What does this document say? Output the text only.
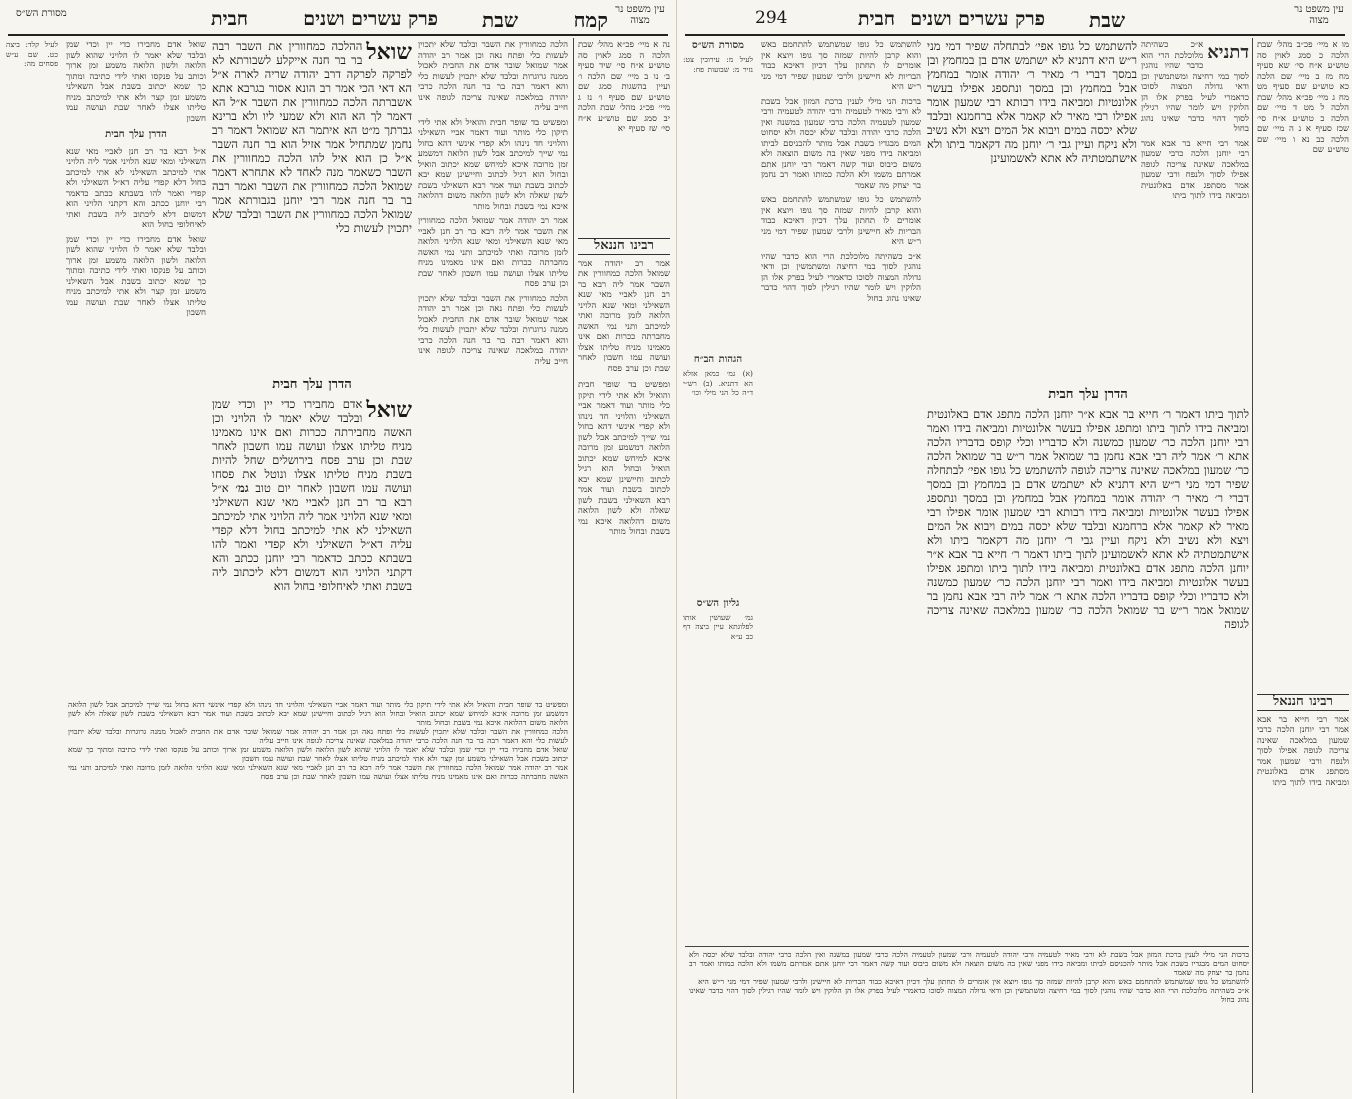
עין משפט נר מצוה
קמח
שבת
פרק עשרים ושנים
חבית
מסורת הש״ס
נה א מיי׳ פכ״א מהל׳ שבת הלכה ה סמג לאוין סה טוש״ע א״ח סי׳ שיד סעיף ב׳ נו ב מיי׳ שם הלכה ו׳ ועיין בהשגות סמג שם טוש״ע שם סעיף ו׳ נז ג מיי׳ פכ״ג מהל׳ שבת הלכה יב סמג שם טוש״ע א״ח סי׳ שז סעיף יא
רבינו חננאל
אמר רב יהודה אמר שמואל הלכה כמחוורין את השבר אמר ליה רבא בר רב חנן לאביי מאי שנא השאילני ומאי שנא הלויני הלואה לזמן מרובה ואתי למיכתב ותני נמי האשה מחברתה ככרות ואם אינו מאמינו מניח טליתו אצלו ועושה עמו חשבון לאחר שבת וכן ערב פסח
ומפשיט בד שופר חבית והואיל ולא אתי לידי תיקון כלי מותר ועוד דאמר אביי השאילני והלויני חד נינהו ולא קפדי אינשי דהא בחול נמי שייך למיכתב אבל לשון הלואה דמשמע זמן מרובה איכא למיחש שמא יכתוב הואיל ובחול הוא רגיל לכתוב וחיישינן שמא יבא לכתוב בשבת ועוד אמר רבא השאילני בשבת לשון שאלה ולא לשון הלואה משום דהלואה איכא נמי בשבת ובחול מותר
הלכה כמחוורין את השבר ובלבד שלא יתכוין לעשות כלי ופתח נאה וכן אמר רב יהודה אמר שמואל שובר אדם את החבית לאכול ממנה גרוגרות ובלבד שלא יתכוין לעשות כלי והא דאמר רבה בר בר חנה הלכה כרבי יהודה במלאכה שאינה צריכה לגופה אינו חייב עליה
ומפשיט בד שופר חבית והואיל ולא אתי לידי תיקון כלי מותר ועוד דאמר אביי השאילני והלויני חד נינהו ולא קפדי אינשי דהא בחול נמי שייך למיכתב אבל לשון הלואה דמשמע זמן מרובה איכא למיחש שמא יכתוב הואיל ובחול הוא רגיל לכתוב וחיישינן שמא יבא לכתוב בשבת ועוד אמר רבא השאילני בשבת לשון שאלה ולא לשון הלואה משום דהלואה איכא נמי בשבת ובחול מותר
אמר רב יהודה אמר שמואל הלכה כמחוורין את השבר אמר ליה רבא בר רב חנן לאביי מאי שנא השאילני ומאי שנא הלויני הלואה לזמן מרובה ואתי למיכתב ותני נמי האשה מחברתה ככרות ואם אינו מאמינו מניח טליתו אצלו ועושה עמו חשבון לאחר שבת וכן ערב פסח
הלכה כמחוורין את השבר ובלבד שלא יתכוין לעשות כלי ופתח נאה וכן אמר רב יהודה אמר שמואל שובר אדם את החבית לאכול ממנה גרוגרות ובלבד שלא יתכוין לעשות כלי והא דאמר רבה בר בר חנה הלכה כרבי יהודה במלאכה שאינה צריכה לגופה אינו חייב עליה
שואל
ההלכה כמחוורין את השבר רבה בר בר חנה אייקלע לשבורתא לא לפרקה לפרקה דרב יהודה שריה לארה א״ל הא דאי הכי אמר רב הונא אסור בגרבא אתא אשברתה הלכה כמחוורין את השבר א״ל הא דאמר לך הא הוא ולא שמעי ליו ולא ברינא גברתך מ״ט הא איתמר הא שמואל דאמר רב נחמן שמתחיל אמר אזיל הוא בר חנה השבר א״ל כן הוא איל להו הלכה כמחוורין את השבר כשאמר מנה לאחד לא אתחרא דאמר שמואל הלכה כמחוורין את השבר ואמר רבה בר בר חנה אמר רבי יוחנן בגבורתא אמר שמואל הלכה כמחוורין את השבר ובלבד שלא יתכוין לעשות כלי
הדרן עלך חבית
שואל
אדם מחבירו כדי יין וכדי שמן ובלבד שלא יאמר לו הלויני וכן האשה מחבירתה ככרות ואם אינו מאמינו מניח טליתו אצלו ועושה עמו חשבון לאחר שבת וכן ערב פסח בירושלים שחל להיות בשבת מניח טליתו אצלו ונוטל את פסחו ועושה עמו חשבון לאחר יום טוב גמ׳ א״ל רבא בר רב חנן לאביי מאי שנא השאילני ומאי שנא הלויני אמר ליה הלויני אתי למיכתב השאילני לא אתי למיכתב בחול דלא קפדי עליה דא״ל השאילני ולא קפדי ואמר להו בשבתא ככתב כדאמר רבי יוחנן ככתב והא דקתני הלויני הוא דמשום דלא ליכתוב ליה בשבת ואתי לאיחלופי בחול הוא
שואל אדם מחבירו כדי יין וכדי שמן ובלבד שלא יאמר לו הלויני שהוא לשון הלואה ולשון הלואה משמע זמן ארוך וכותב על פנקסו ואתי לידי כתיבה ומתוך כך שמא יכתוב בשבת אבל השאילני משמע זמן קצר ולא אתי למיכתב מניח טליתו אצלו לאחר שבת ועושה עמו חשבון
הדרן עלך חבית
א״ל רבא בר רב חנן לאביי מאי שנא השאילני ומאי שנא הלויני אמר ליה הלויני אתי למיכתב השאילני לא אתי למיכתב בחול דלא קפדי עליה דא״ל השאילני ולא קפדי ואמר להו בשבתא ככתב כדאמר רבי יוחנן ככתב והא דקתני הלויני הוא דמשום דלא ליכתוב ליה בשבת ואתי לאיחלופי בחול הוא
שואל אדם מחבירו כדי יין וכדי שמן ובלבד שלא יאמר לו הלויני שהוא לשון הלואה ולשון הלואה משמע זמן ארוך וכותב על פנקסו ואתי לידי כתיבה ומתוך כך שמא יכתוב בשבת אבל השאילני משמע זמן קצר ולא אתי למיכתב מניח טליתו אצלו לאחר שבת ועושה עמו חשבון
לעיל קלד: ביצה כט. שם ע״ש פסחים מה:
ומפשיט בד שופר חבית והואיל ולא אתי לידי תיקון כלי מותר ועוד דאמר אביי השאילני והלויני חד נינהו ולא קפדי אינשי דהא בחול נמי שייך למיכתב אבל לשון הלואה דמשמע זמן מרובה איכא למיחש שמא יכתוב הואיל ובחול הוא רגיל לכתוב וחיישינן שמא יבא לכתוב בשבת ועוד אמר רבא השאילני בשבת לשון שאלה ולא לשון הלואה משום דהלואה איכא נמי בשבת ובחול מותר
הלכה כמחוורין את השבר ובלבד שלא יתכוין לעשות כלי ופתח נאה וכן אמר רב יהודה אמר שמואל שובר אדם את החבית לאכול ממנה גרוגרות ובלבד שלא יתכוין לעשות כלי והא דאמר רבה בר בר חנה הלכה כרבי יהודה במלאכה שאינה צריכה לגופה אינו חייב עליה
שואל אדם מחבירו כדי יין וכדי שמן ובלבד שלא יאמר לו הלויני שהוא לשון הלואה ולשון הלואה משמע זמן ארוך וכותב על פנקסו ואתי לידי כתיבה ומתוך כך שמא יכתוב בשבת אבל השאילני משמע זמן קצר ולא אתי למיכתב מניח טליתו אצלו לאחר שבת ועושה עמו חשבון
אמר רב יהודה אמר שמואל הלכה כמחוורין את השבר אמר ליה רבא בר רב חנן לאביי מאי שנא השאילני ומאי שנא הלויני הלואה לזמן מרובה ואתי למיכתב ותני נמי האשה מחברתה ככרות ואם אינו מאמינו מניח טליתו אצלו ועושה עמו חשבון לאחר שבת וכן ערב פסח
עין משפט נר מצוה
294	שבת
פרק עשרים ושנים
חבית
מו א מיי׳ פכ״ב מהל׳ שבת הלכה כ סמג לאוין סה טוש״ע א״ח סי׳ שא סעיף מח מז ב מיי׳ שם הלכה כא טוש״ע שם סעיף מט מח ג מיי׳ פכ״א מהל׳ שבת הלכה ל מט ד מיי׳ שם הלכה כ טוש״ע א״ח סי׳ שכז סעיף א נ ה מיי׳ שם הלכה כב נא ו מיי׳ שם טוש״ע שם
רבינו חננאל
אמר רבי חייא בר אבא אמר רבי יוחנן הלכה כרבי שמעון במלאכה שאינה צריכה לגופה אפילו לסוך ולנפח ורבי שמעון אמר מסתפג אדם באלונטית ומביאה בידו לתוך ביתו
דתניא
א״כ כשהיתה מלוכלכת הרי הוא כדבר שהיו נוהגין לסוך במי רחיצה ומשתמשין וכן ודאי גדולה המצוה לסוכו כדאמרי לעיל בפרק אלו הן הלוקין ויש לומר שהיו רגילין לסוך דהוי כדבר שאינו נהוג בחול
אמר רבי חייא בר אבא אמר רבי יוחנן הלכה כרבי שמעון במלאכה שאינה צריכה לגופה אפילו לסוך ולנפח ורבי שמעון אמר מסתפג אדם באלונטית ומביאה בידו לתוך ביתו
להשתמש כל גופו אפי׳ לבתחלה שפיר דמי מני ר״ש היא דתניא לא ישתמש אדם בן במחמץ ובן במסך דברי ר׳ מאיר ר׳ יהודה אומר במחמץ אבל במחמץ ובן במסך ונתספג אפילו בעשר אלונטיות ומביאה בידו רבותא רבי שמעון אומר אפילו רבי מאיר לא קאמר אלא ברחמנא ובלבד שלא יכסה במים ויבוא אל המים ויצא ולא נשיב ולא ניקח ועיין גבי ר׳ יוחנן מה דקאמר ביתו ולא אישתמטתיה לא אתא לאשמועינן
הדרן עלך חבית
לתוך ביתו דאמר ר׳ חייא בר אבא א״ר יוחנן הלכה מתפג אדם באלונטית ומביאה בידו לתוך ביתו ומתפג אפילו בעשר אלונטיות ומביאה בידו ואמר רבי יוחנן הלכה כר׳ שמעון כמשנה ולא כדבריו וכלי קופס בדבריו הלכה אתא ר׳ אמר ליה רבי אבא נחמן בר שמואל אמר ר״ש בר שמואל הלכה כר׳ שמעון במלאכה שאינה צריכה לגופה להשתמש כל גופו אפי׳ לבתחלה שפיר דמי מני ר״ש היא דתניא לא ישתמש אדם בן במחמץ ובן במסך דברי ר׳ מאיר ר׳ יהודה אומר במחמץ אבל במחמץ ובן במסך ונתספג אפילו בעשר אלונטיות ומביאה בידו רבותא רבי שמעון אומר אפילו רבי מאיר לא קאמר אלא ברחמנא ובלבד שלא יכסה במים ויבוא אל המים ויצא ולא נשיב ולא ניקח ועיין גבי ר׳ יוחנן מה דקאמר ביתו ולא אישתמטתיה לא אתא לאשמועינן לתוך ביתו דאמר ר׳ חייא בר אבא א״ר יוחנן הלכה מתפג אדם באלונטית ומביאה בידו לתוך ביתו ומתפג אפילו בעשר אלונטיות ומביאה בידו ואמר רבי יוחנן הלכה כר׳ שמעון כמשנה ולא כדבריו וכלי קופס בדבריו הלכה אתא ר׳ אמר ליה רבי אבא נחמן בר שמואל אמר ר״ש בר שמואל הלכה כר׳ שמעון במלאכה שאינה צריכה לגופה
להשתמש כל גופו שמשתמש להתחמם באש והוא קרבן להיות שמזה סך גופו ויוצא אין אומרים לו תחתון עלך דכיון דאיכא כבוד הבריות לא חיישינן ולרבי שמעון שפיר דמי מני ר״ש היא
ברכות הני מילי לענין ברכת המזון אבל בשבת לא ורבי מאיר לטעמיה ורבי יהודה לטעמיה ורבי שמעון לטעמיה הלכה כרבי שמעון במשנה ואין הלכה כרבי יהודה ובלבד שלא יכסה ולא יסחוט המים מבגדיו בשבת אבל מותר להכניסם לביתו ומביאה בידו מפני שאין בה משום הוצאה ולא משום כיבוס ועוד קשה דאמר רבי יוחנן אתם אמרתם משמו ולא הלכה כמותו ואמר רב נחמן בר יצחק מה שאמר
להשתמש כל גופו שמשתמש להתחמם באש והוא קרבן להיות שמזה סך גופו ויוצא אין אומרים לו תחתון עלך דכיון דאיכא כבוד הבריות לא חיישינן ולרבי שמעון שפיר דמי מני ר״ש היא
א״כ כשהיתה מלוכלכת הרי הוא כדבר שהיו נוהגין לסוך במי רחיצה ומשתמשין וכן ודאי גדולה המצוה לסוכו כדאמרי לעיל בפרק אלו הן הלוקין ויש לומר שהיו רגילין לסוך דהוי כדבר שאינו נהוג בחול
מסורת הש״ס
לעיל מ: עירובין צט: נזיר מ: שבועות פח:
הגהות הב״ח
(א) גמ׳ כמאן אזלא הא דתניא. (ב) רש״י ד״ה כל הני מילי וכו׳
גליון הש״ס
גמ׳ שעושין אותו לפלוגתא עיין ביצה דף כב ע״א
ברכות הני מילי לענין ברכת המזון אבל בשבת לא ורבי מאיר לטעמיה ורבי יהודה לטעמיה ורבי שמעון לטעמיה הלכה כרבי שמעון במשנה ואין הלכה כרבי יהודה ובלבד שלא יכסה ולא יסחוט המים מבגדיו בשבת אבל מותר להכניסם לביתו ומביאה בידו מפני שאין בה משום הוצאה ולא משום כיבוס ועוד קשה דאמר רבי יוחנן אתם אמרתם משמו ולא הלכה כמותו ואמר רב נחמן בר יצחק מה שאמר
להשתמש כל גופו שמשתמש להתחמם באש והוא קרבן להיות שמזה סך גופו ויוצא אין אומרים לו תחתון עלך דכיון דאיכא כבוד הבריות לא חיישינן ולרבי שמעון שפיר דמי מני ר״ש היא
א״כ כשהיתה מלוכלכת הרי הוא כדבר שהיו נוהגין לסוך במי רחיצה ומשתמשין וכן ודאי גדולה המצוה לסוכו כדאמרי לעיל בפרק אלו הן הלוקין ויש לומר שהיו רגילין לסוך דהוי כדבר שאינו נהוג בחול
